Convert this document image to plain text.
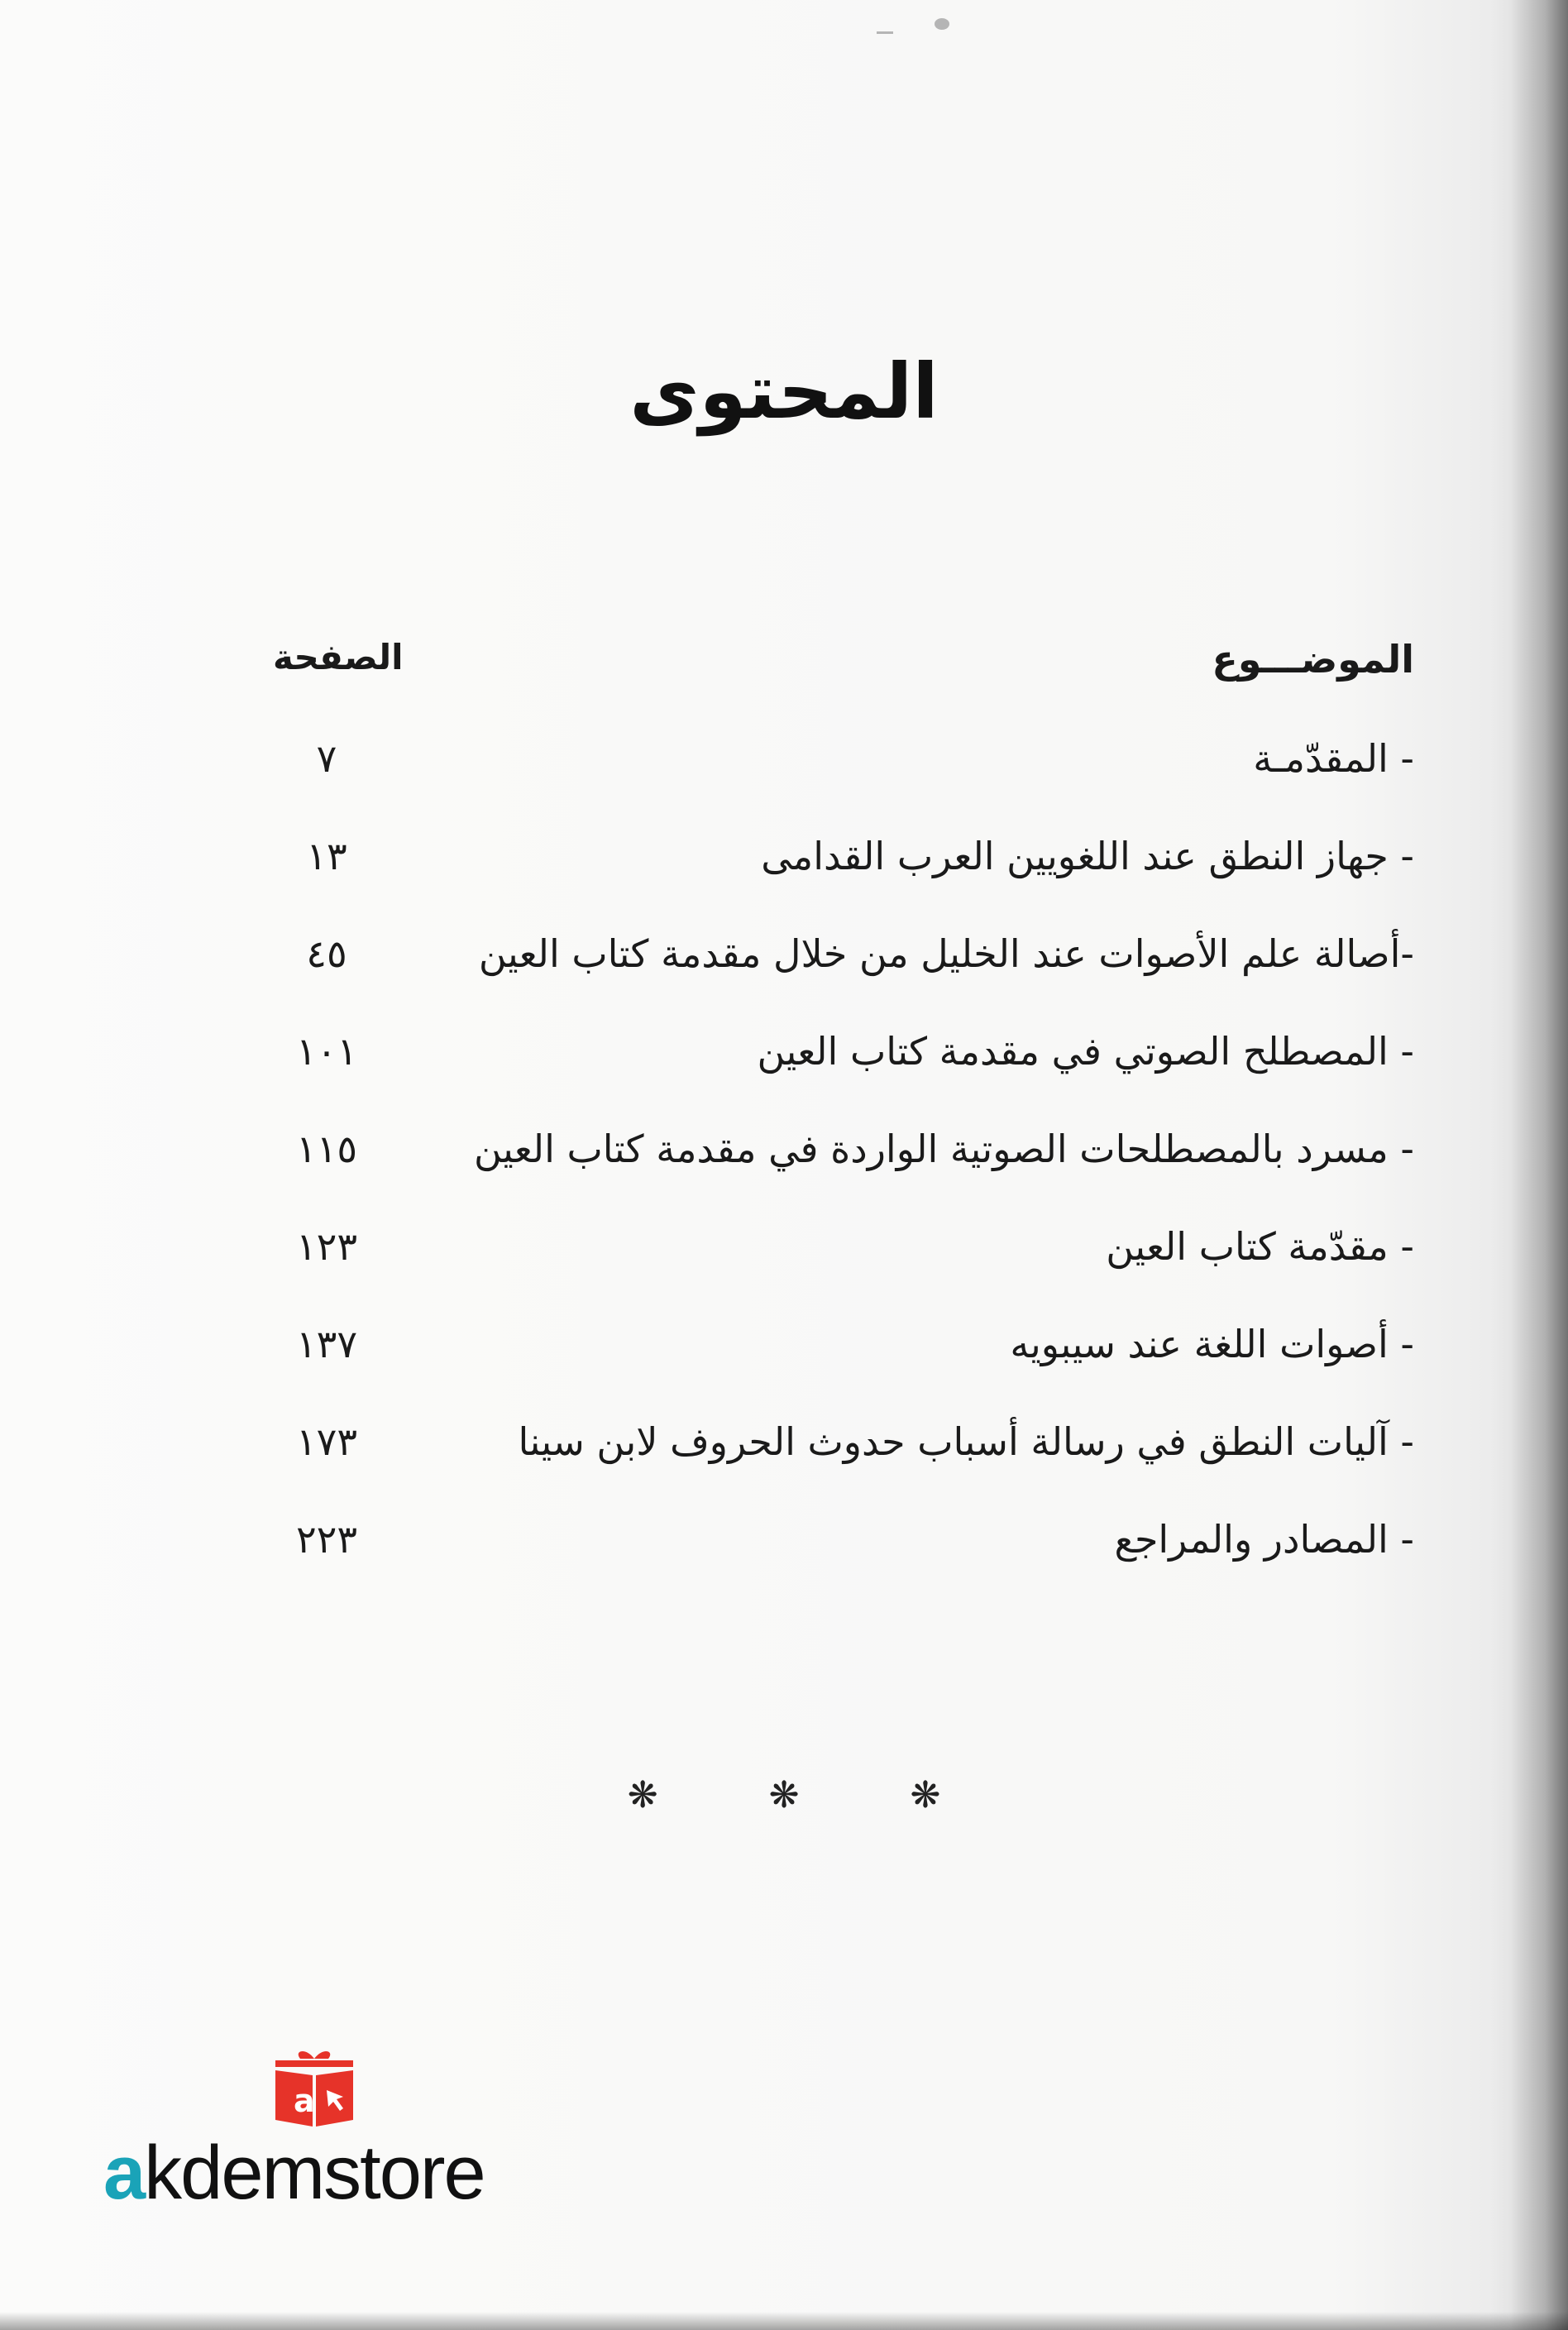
المحتوى
الموضـــوع
الصفحة
- المقدّمـة
٧
- جهاز النطق عند اللغويين العرب القدامى
١٣
-أصالة علم الأصوات عند الخليل من خلال مقدمة كتاب العين
٤٥
- المصطلح الصوتي في مقدمة كتاب العين
١٠١
- مسرد بالمصطلحات الصوتية الواردة في مقدمة كتاب العين
١١٥
- مقدّمة كتاب العين
١٢٣
- أصوات اللغة عند سيبويه
١٣٧
- آليات النطق في رسالة أسباب حدوث الحروف لابن سينا
١٧٣
- المصادر والمراجع
٢٢٣
❋	❋	❋
a
akdemstore
